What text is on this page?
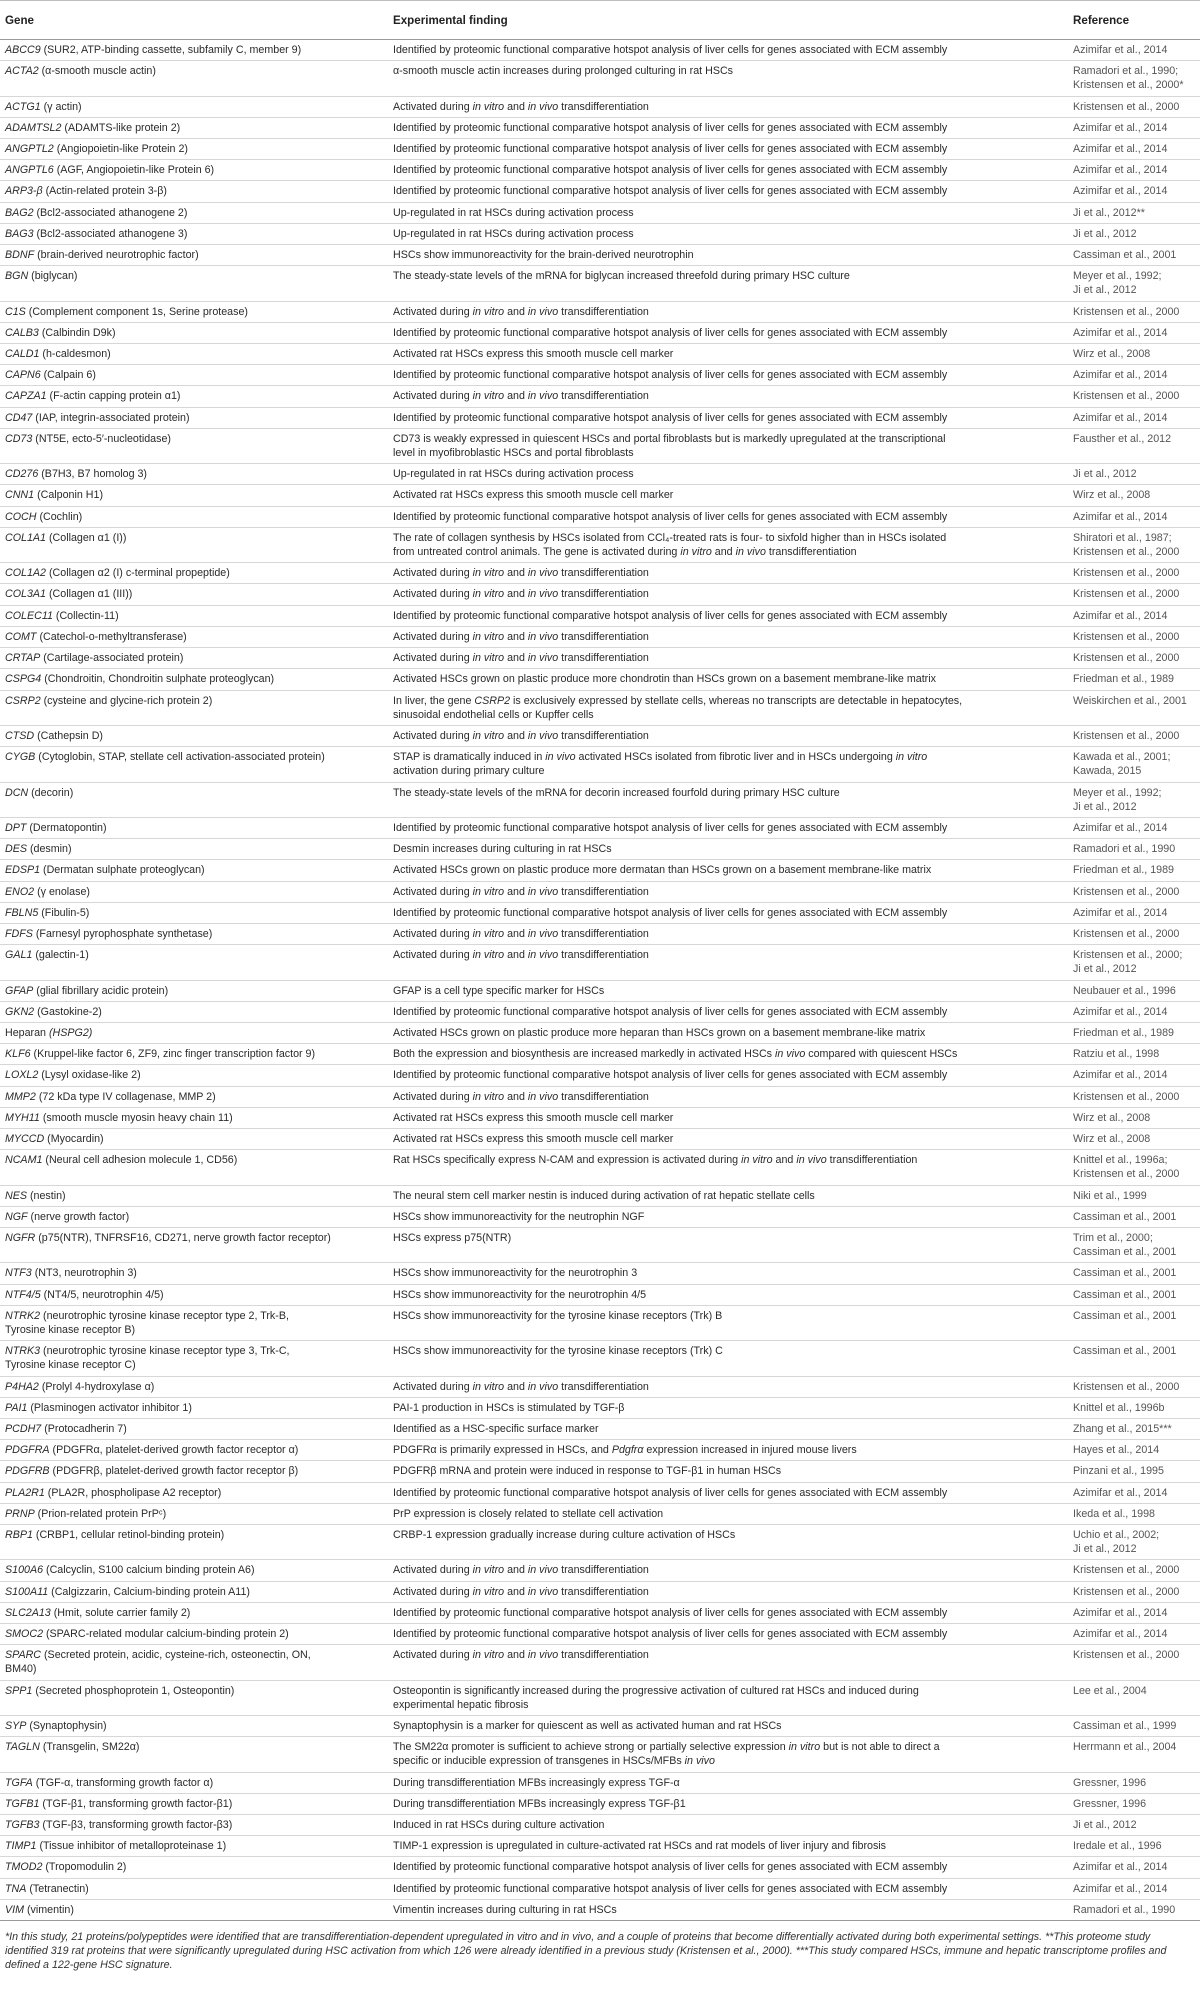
Gene	Experimental finding	Reference
ABCC9 (SUR2, ATP-binding cassette, subfamily C, member 9)	Identified by proteomic functional comparative hotspot analysis of liver cells for genes associated with ECM assembly	Azimifar et al., 2014
ACTA2 (α-smooth muscle actin)	α-smooth muscle actin increases during prolonged culturing in rat HSCs	Ramadori et al., 1990;
Kristensen et al., 2000*
ACTG1 (γ actin)	Activated during in vitro and in vivo transdifferentiation	Kristensen et al., 2000
ADAMTSL2 (ADAMTS-like protein 2)	Identified by proteomic functional comparative hotspot analysis of liver cells for genes associated with ECM assembly	Azimifar et al., 2014
ANGPTL2 (Angiopoietin-like Protein 2)	Identified by proteomic functional comparative hotspot analysis of liver cells for genes associated with ECM assembly	Azimifar et al., 2014
ANGPTL6 (AGF, Angiopoietin-like Protein 6)	Identified by proteomic functional comparative hotspot analysis of liver cells for genes associated with ECM assembly	Azimifar et al., 2014
ARP3-β (Actin-related protein 3-β)	Identified by proteomic functional comparative hotspot analysis of liver cells for genes associated with ECM assembly	Azimifar et al., 2014
BAG2 (Bcl2-associated athanogene 2)	Up-regulated in rat HSCs during activation process	Ji et al., 2012**
BAG3 (Bcl2-associated athanogene 3)	Up-regulated in rat HSCs during activation process	Ji et al., 2012
BDNF (brain-derived neurotrophic factor)	HSCs show immunoreactivity for the brain-derived neurotrophin	Cassiman et al., 2001
BGN (biglycan)	The steady-state levels of the mRNA for biglycan increased threefold during primary HSC culture	Meyer et al., 1992;
Ji et al., 2012
C1S (Complement component 1s, Serine protease)	Activated during in vitro and in vivo transdifferentiation	Kristensen et al., 2000
CALB3 (Calbindin D9k)	Identified by proteomic functional comparative hotspot analysis of liver cells for genes associated with ECM assembly	Azimifar et al., 2014
CALD1 (h-caldesmon)	Activated rat HSCs express this smooth muscle cell marker	Wirz et al., 2008
CAPN6 (Calpain 6)	Identified by proteomic functional comparative hotspot analysis of liver cells for genes associated with ECM assembly	Azimifar et al., 2014
CAPZA1 (F-actin capping protein α1)	Activated during in vitro and in vivo transdifferentiation	Kristensen et al., 2000
CD47 (IAP, integrin-associated protein)	Identified by proteomic functional comparative hotspot analysis of liver cells for genes associated with ECM assembly	Azimifar et al., 2014
CD73 (NT5E, ecto-5′-nucleotidase)	CD73 is weakly expressed in quiescent HSCs and portal fibroblasts but is markedly upregulated at the transcriptional
level in myofibroblastic HSCs and portal fibroblasts	Fausther et al., 2012
CD276 (B7H3, B7 homolog 3)	Up-regulated in rat HSCs during activation process	Ji et al., 2012
CNN1 (Calponin H1)	Activated rat HSCs express this smooth muscle cell marker	Wirz et al., 2008
COCH (Cochlin)	Identified by proteomic functional comparative hotspot analysis of liver cells for genes associated with ECM assembly	Azimifar et al., 2014
COL1A1 (Collagen α1 (I))	The rate of collagen synthesis by HSCs isolated from CCl₄-treated rats is four- to sixfold higher than in HSCs isolated
from untreated control animals. The gene is activated during in vitro and in vivo transdifferentiation	Shiratori et al., 1987;
Kristensen et al., 2000
COL1A2 (Collagen α2 (I) c-terminal propeptide)	Activated during in vitro and in vivo transdifferentiation	Kristensen et al., 2000
COL3A1 (Collagen α1 (III))	Activated during in vitro and in vivo transdifferentiation	Kristensen et al., 2000
COLEC11 (Collectin-11)	Identified by proteomic functional comparative hotspot analysis of liver cells for genes associated with ECM assembly	Azimifar et al., 2014
COMT (Catechol-o-methyltransferase)	Activated during in vitro and in vivo transdifferentiation	Kristensen et al., 2000
CRTAP (Cartilage-associated protein)	Activated during in vitro and in vivo transdifferentiation	Kristensen et al., 2000
CSPG4 (Chondroitin, Chondroitin sulphate proteoglycan)	Activated HSCs grown on plastic produce more chondrotin than HSCs grown on a basement membrane-like matrix	Friedman et al., 1989
CSRP2 (cysteine and glycine-rich protein 2)	In liver, the gene CSRP2 is exclusively expressed by stellate cells, whereas no transcripts are detectable in hepatocytes,
sinusoidal endothelial cells or Kupffer cells	Weiskirchen et al., 2001
CTSD (Cathepsin D)	Activated during in vitro and in vivo transdifferentiation	Kristensen et al., 2000
CYGB (Cytoglobin, STAP, stellate cell activation-associated protein)	STAP is dramatically induced in in vivo activated HSCs isolated from fibrotic liver and in HSCs undergoing in vitro
activation during primary culture	Kawada et al., 2001;
Kawada, 2015
DCN (decorin)	The steady-state levels of the mRNA for decorin increased fourfold during primary HSC culture	Meyer et al., 1992;
Ji et al., 2012
DPT (Dermatopontin)	Identified by proteomic functional comparative hotspot analysis of liver cells for genes associated with ECM assembly	Azimifar et al., 2014
DES (desmin)	Desmin increases during culturing in rat HSCs	Ramadori et al., 1990
EDSP1 (Dermatan sulphate proteoglycan)	Activated HSCs grown on plastic produce more dermatan than HSCs grown on a basement membrane-like matrix	Friedman et al., 1989
ENO2 (γ enolase)	Activated during in vitro and in vivo transdifferentiation	Kristensen et al., 2000
FBLN5 (Fibulin-5)	Identified by proteomic functional comparative hotspot analysis of liver cells for genes associated with ECM assembly	Azimifar et al., 2014
FDFS (Farnesyl pyrophosphate synthetase)	Activated during in vitro and in vivo transdifferentiation	Kristensen et al., 2000
GAL1 (galectin-1)	Activated during in vitro and in vivo transdifferentiation	Kristensen et al., 2000;
Ji et al., 2012
GFAP (glial fibrillary acidic protein)	GFAP is a cell type specific marker for HSCs	Neubauer et al., 1996
GKN2 (Gastokine-2)	Identified by proteomic functional comparative hotspot analysis of liver cells for genes associated with ECM assembly	Azimifar et al., 2014
Heparan (HSPG2)	Activated HSCs grown on plastic produce more heparan than HSCs grown on a basement membrane-like matrix	Friedman et al., 1989
KLF6 (Kruppel-like factor 6, ZF9, zinc finger transcription factor 9)	Both the expression and biosynthesis are increased markedly in activated HSCs in vivo compared with quiescent HSCs	Ratziu et al., 1998
LOXL2 (Lysyl oxidase-like 2)	Identified by proteomic functional comparative hotspot analysis of liver cells for genes associated with ECM assembly	Azimifar et al., 2014
MMP2 (72 kDa type IV collagenase, MMP 2)	Activated during in vitro and in vivo transdifferentiation	Kristensen et al., 2000
MYH11 (smooth muscle myosin heavy chain 11)	Activated rat HSCs express this smooth muscle cell marker	Wirz et al., 2008
MYCCD (Myocardin)	Activated rat HSCs express this smooth muscle cell marker	Wirz et al., 2008
NCAM1 (Neural cell adhesion molecule 1, CD56)	Rat HSCs specifically express N-CAM and expression is activated during in vitro and in vivo transdifferentiation	Knittel et al., 1996a;
Kristensen et al., 2000
NES (nestin)	The neural stem cell marker nestin is induced during activation of rat hepatic stellate cells	Niki et al., 1999
NGF (nerve growth factor)	HSCs show immunoreactivity for the neutrophin NGF	Cassiman et al., 2001
NGFR (p75(NTR), TNFRSF16, CD271, nerve growth factor receptor)	HSCs express p75(NTR)	Trim et al., 2000;
Cassiman et al., 2001
NTF3 (NT3, neurotrophin 3)	HSCs show immunoreactivity for the neurotrophin 3	Cassiman et al., 2001
NTF4/5 (NT4/5, neurotrophin 4/5)	HSCs show immunoreactivity for the neurotrophin 4/5	Cassiman et al., 2001
NTRK2 (neurotrophic tyrosine kinase receptor type 2, Trk-B,
Tyrosine kinase receptor B)	HSCs show immunoreactivity for the tyrosine kinase receptors (Trk) B	Cassiman et al., 2001
NTRK3 (neurotrophic tyrosine kinase receptor type 3, Trk-C,
Tyrosine kinase receptor C)	HSCs show immunoreactivity for the tyrosine kinase receptors (Trk) C	Cassiman et al., 2001
P4HA2 (Prolyl 4-hydroxylase α)	Activated during in vitro and in vivo transdifferentiation	Kristensen et al., 2000
PAI1 (Plasminogen activator inhibitor 1)	PAI-1 production in HSCs is stimulated by TGF-β	Knittel et al., 1996b
PCDH7 (Protocadherin 7)	Identified as a HSC-specific surface marker	Zhang et al., 2015***
PDGFRA (PDGFRα, platelet-derived growth factor receptor α)	PDGFRα is primarily expressed in HSCs, and Pdgfrα expression increased in injured mouse livers	Hayes et al., 2014
PDGFRB (PDGFRβ, platelet-derived growth factor receptor β)	PDGFRβ mRNA and protein were induced in response to TGF-β1 in human HSCs	Pinzani et al., 1995
PLA2R1 (PLA2R, phospholipase A2 receptor)	Identified by proteomic functional comparative hotspot analysis of liver cells for genes associated with ECM assembly	Azimifar et al., 2014
PRNP (Prion-related protein PrPᶜ)	PrP expression is closely related to stellate cell activation	Ikeda et al., 1998
RBP1 (CRBP1, cellular retinol-binding protein)	CRBP-1 expression gradually increase during culture activation of HSCs	Uchio et al., 2002;
Ji et al., 2012
S100A6 (Calcyclin, S100 calcium binding protein A6)	Activated during in vitro and in vivo transdifferentiation	Kristensen et al., 2000
S100A11 (Calgizzarin, Calcium-binding protein A11)	Activated during in vitro and in vivo transdifferentiation	Kristensen et al., 2000
SLC2A13 (Hmit, solute carrier family 2)	Identified by proteomic functional comparative hotspot analysis of liver cells for genes associated with ECM assembly	Azimifar et al., 2014
SMOC2 (SPARC-related modular calcium-binding protein 2)	Identified by proteomic functional comparative hotspot analysis of liver cells for genes associated with ECM assembly	Azimifar et al., 2014
SPARC (Secreted protein, acidic, cysteine-rich, osteonectin, ON,
BM40)	Activated during in vitro and in vivo transdifferentiation	Kristensen et al., 2000
SPP1 (Secreted phosphoprotein 1, Osteopontin)	Osteopontin is significantly increased during the progressive activation of cultured rat HSCs and induced during
experimental hepatic fibrosis	Lee et al., 2004
SYP (Synaptophysin)	Synaptophysin is a marker for quiescent as well as activated human and rat HSCs	Cassiman et al., 1999
TAGLN (Transgelin, SM22α)	The SM22α promoter is sufficient to achieve strong or partially selective expression in vitro but is not able to direct a
specific or inducible expression of transgenes in HSCs/MFBs in vivo	Herrmann et al., 2004
TGFA (TGF-α, transforming growth factor α)	During transdifferentiation MFBs increasingly express TGF-α	Gressner, 1996
TGFB1 (TGF-β1, transforming growth factor-β1)	During transdifferentiation MFBs increasingly express TGF-β1	Gressner, 1996
TGFB3 (TGF-β3, transforming growth factor-β3)	Induced in rat HSCs during culture activation	Ji et al., 2012
TIMP1 (Tissue inhibitor of metalloproteinase 1)	TIMP-1 expression is upregulated in culture-activated rat HSCs and rat models of liver injury and fibrosis	Iredale et al., 1996
TMOD2 (Tropomodulin 2)	Identified by proteomic functional comparative hotspot analysis of liver cells for genes associated with ECM assembly	Azimifar et al., 2014
TNA (Tetranectin)	Identified by proteomic functional comparative hotspot analysis of liver cells for genes associated with ECM assembly	Azimifar et al., 2014
VIM (vimentin)	Vimentin increases during culturing in rat HSCs	Ramadori et al., 1990
*In this study, 21 proteins/polypeptides were identified that are transdifferentiation-dependent upregulated in vitro and in vivo, and a couple of proteins that become differentially activated during both experimental settings. **This proteome study identified 319 rat proteins that were significantly upregulated during HSC activation from which 126 were already identified in a previous study (Kristensen et al., 2000). ***This study compared HSCs, immune and hepatic transcriptome profiles and defined a 122-gene HSC signature.
